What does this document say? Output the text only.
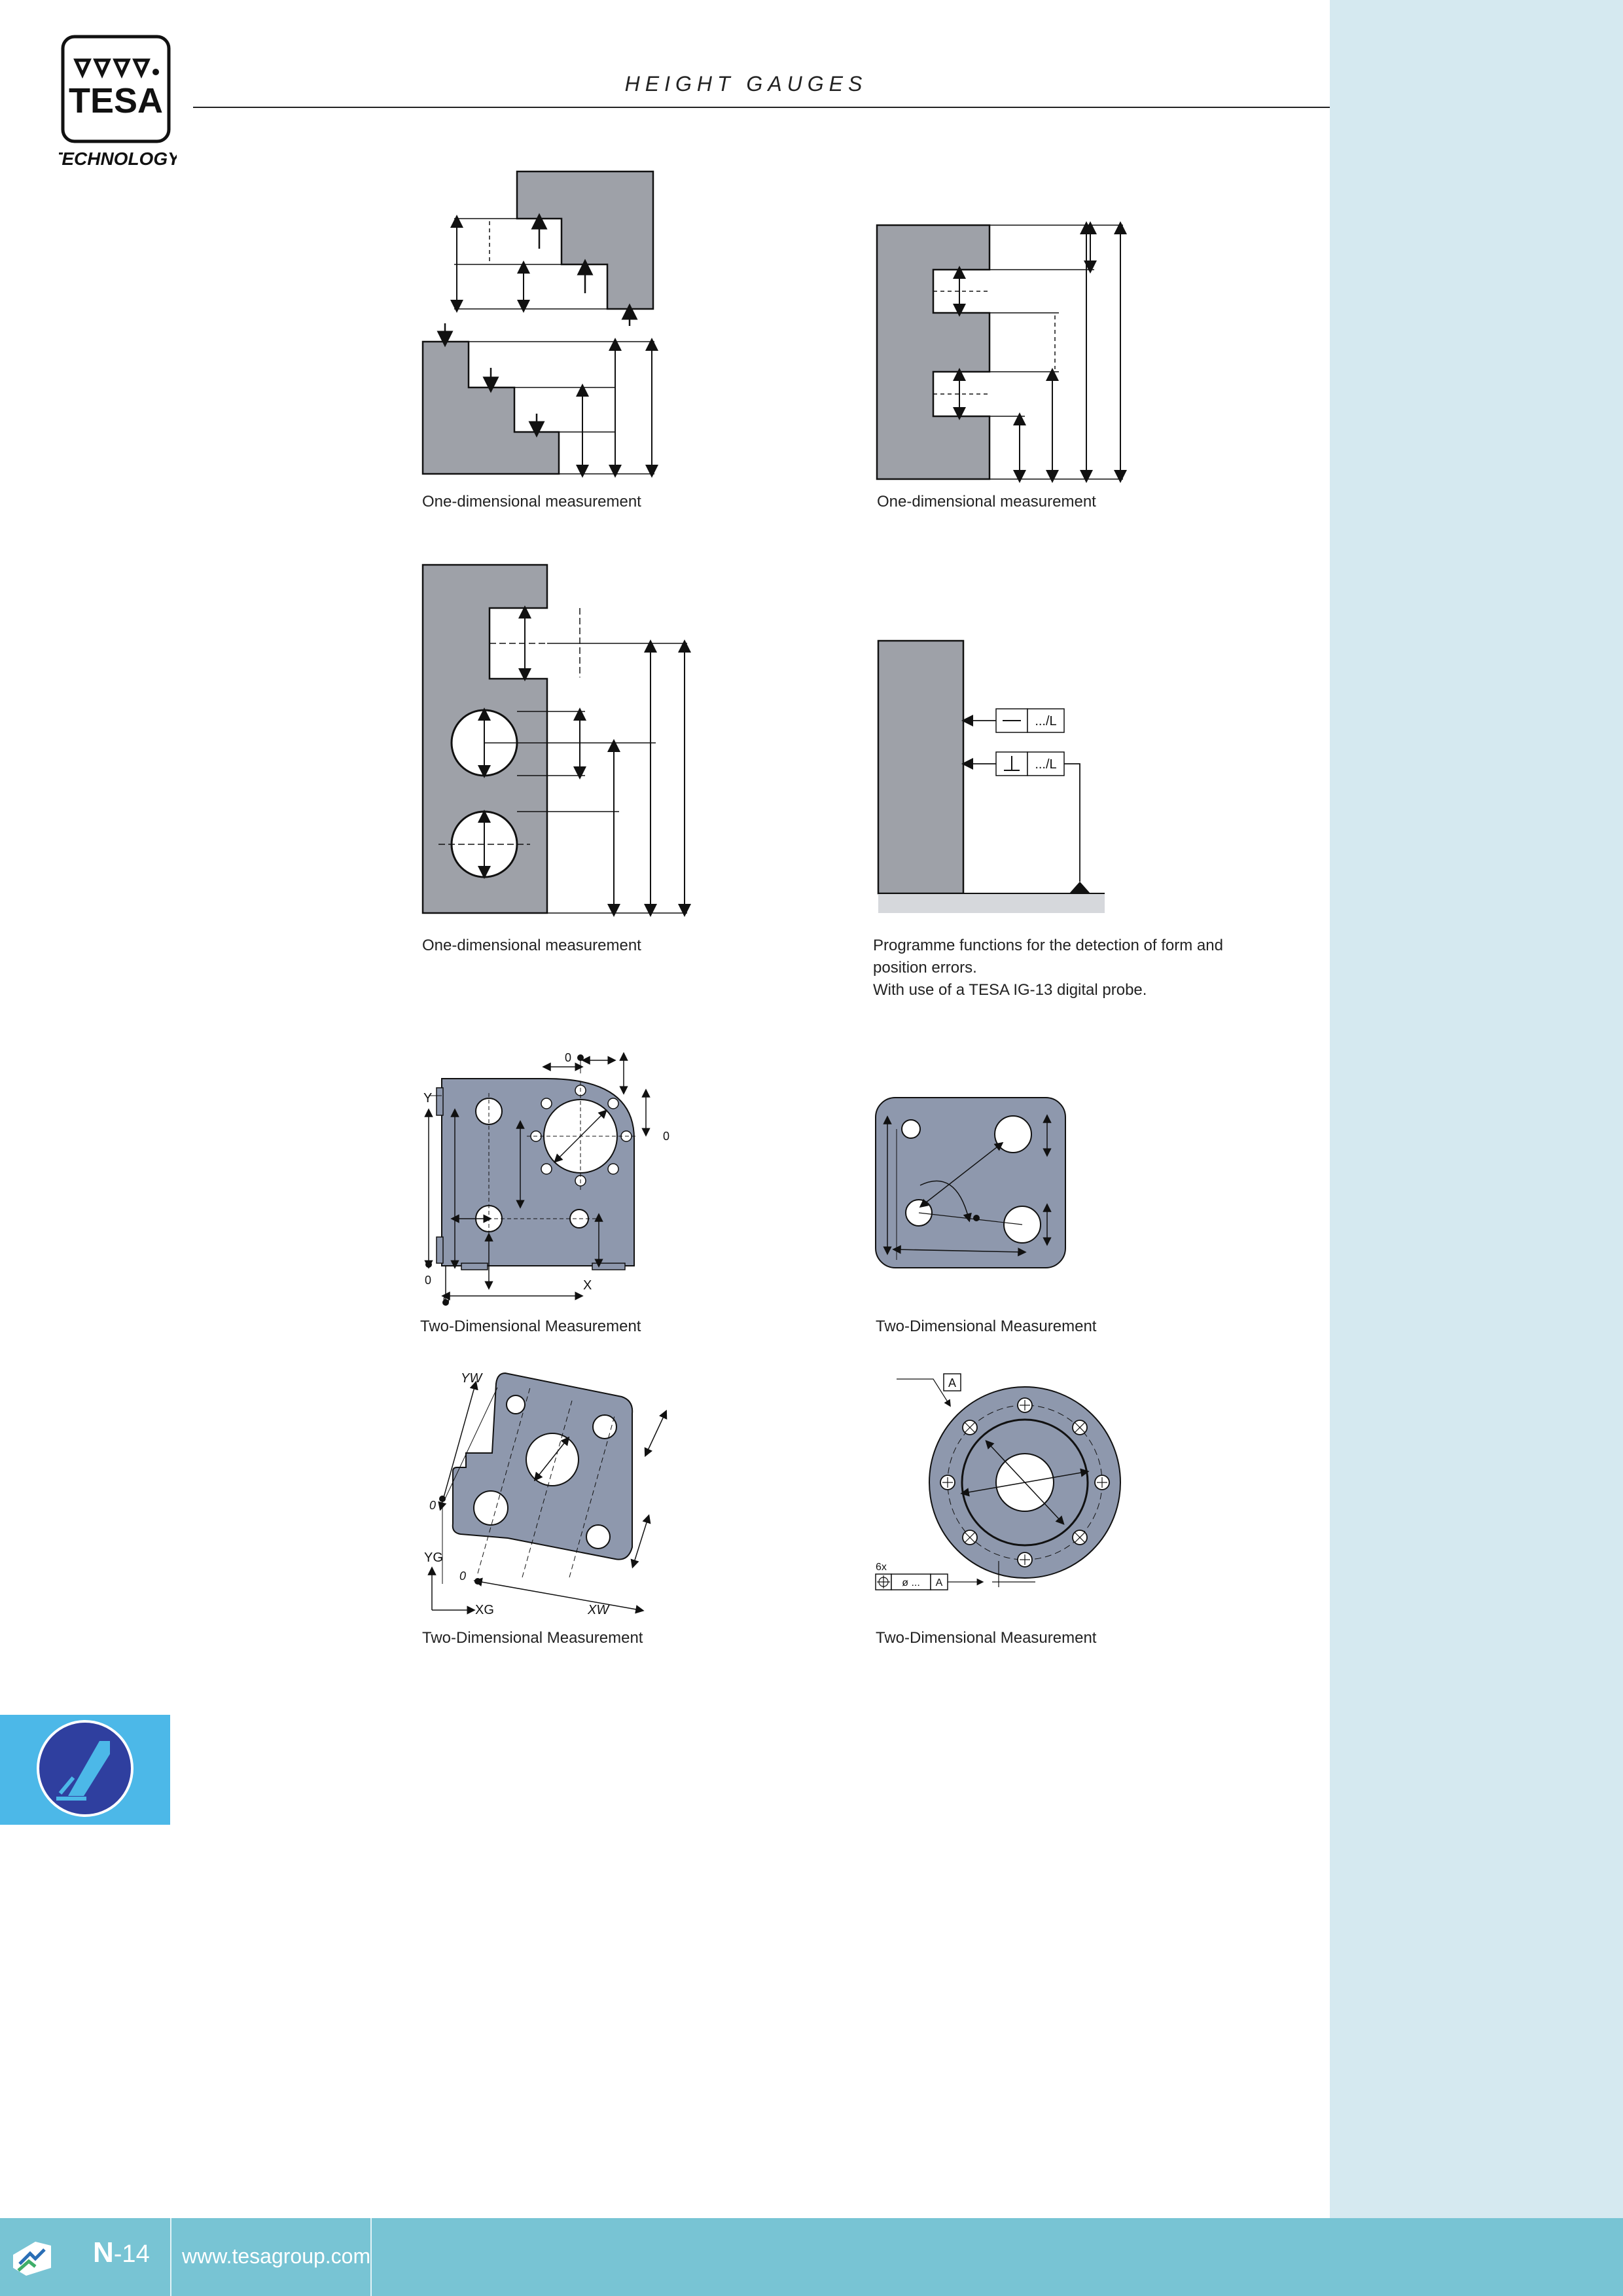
TESA
TECHNOLOGY
HEIGHT GAUGES
One-dimensional measurement	One-dimensional measurement
One-dimensional measurement
.../L
.../L
Programme functions for the detection of form and
position errors.
With use of a TESA IG-13 digital probe.
Y
X
0
0
0
0
Two-Dimensional Measurement	Two-Dimensional Measurement
YW
XW
YG
XG
0
0
Two-Dimensional Measurement
A
6x
ø ... A
Two-Dimensional Measurement
N-14 www.tesagroup.com
